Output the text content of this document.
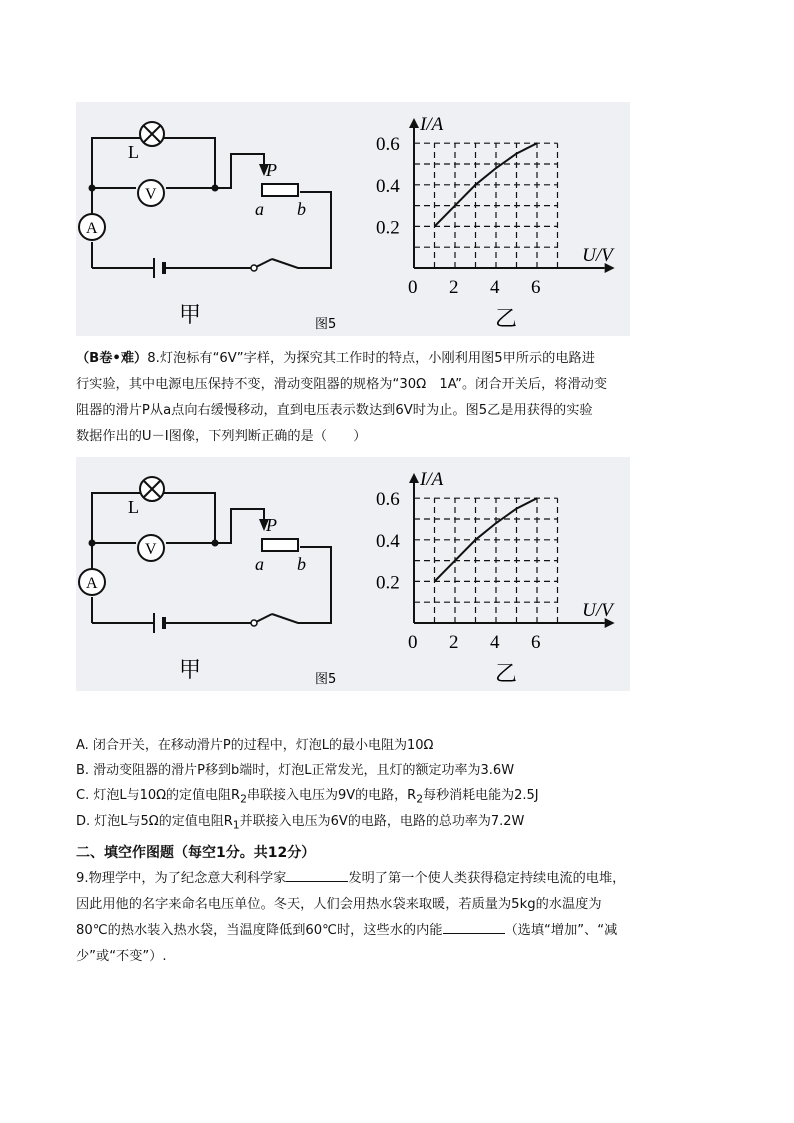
L
V
A
P
a b
甲	图5	乙
I/A
U/V
0.6
0.4
0.2
0 2 4 6

（B卷•难）8.灯泡标有“6V”字样，为探究其工作时的特点，小刚利用图5甲所示的电路进

行实验，其中电源电压保持不变，滑动变阻器的规格为“30Ω　1A”。闭合开关后，将滑动变

阻器的滑片P从a点向右缓慢移动，直到电压表示数达到6V时为止。图5乙是用获得的实验

数据作出的U－I图像，下列判断正确的是（　　）

L
V
A
P
a b
甲	图5	乙
I/A
U/V
0.6
0.4
0.2
0 2 4 6
A. 闭合开关，在移动滑片P的过程中，灯泡L的最小电阻为10Ω
B. 滑动变阻器的滑片P移到b端时，灯泡L正常发光，且灯的额定功率为3.6W
C. 灯泡L与10Ω的定值电阻$R_2$串联接入电压为9V的电路，$R_2$每秒消耗电能为2.5J
D. 灯泡L与5Ω的定值电阻$R_1$并联接入电压为6V的电路，电路的总功率为7.2W
二、填空作图题（每空1分。共12分）

9.物理学中，为了纪念意大利科学家	发明了第一个使人类获得稳定持续电流的电堆，

因此用他的名字来命名电压单位。冬天，人们会用热水袋来取暖，若质量为5kg的水温度为

80℃的热水装入热水袋，当温度降低到60℃时，这些水的内能	（选填“增加”、“减

少”或“不变”）.
